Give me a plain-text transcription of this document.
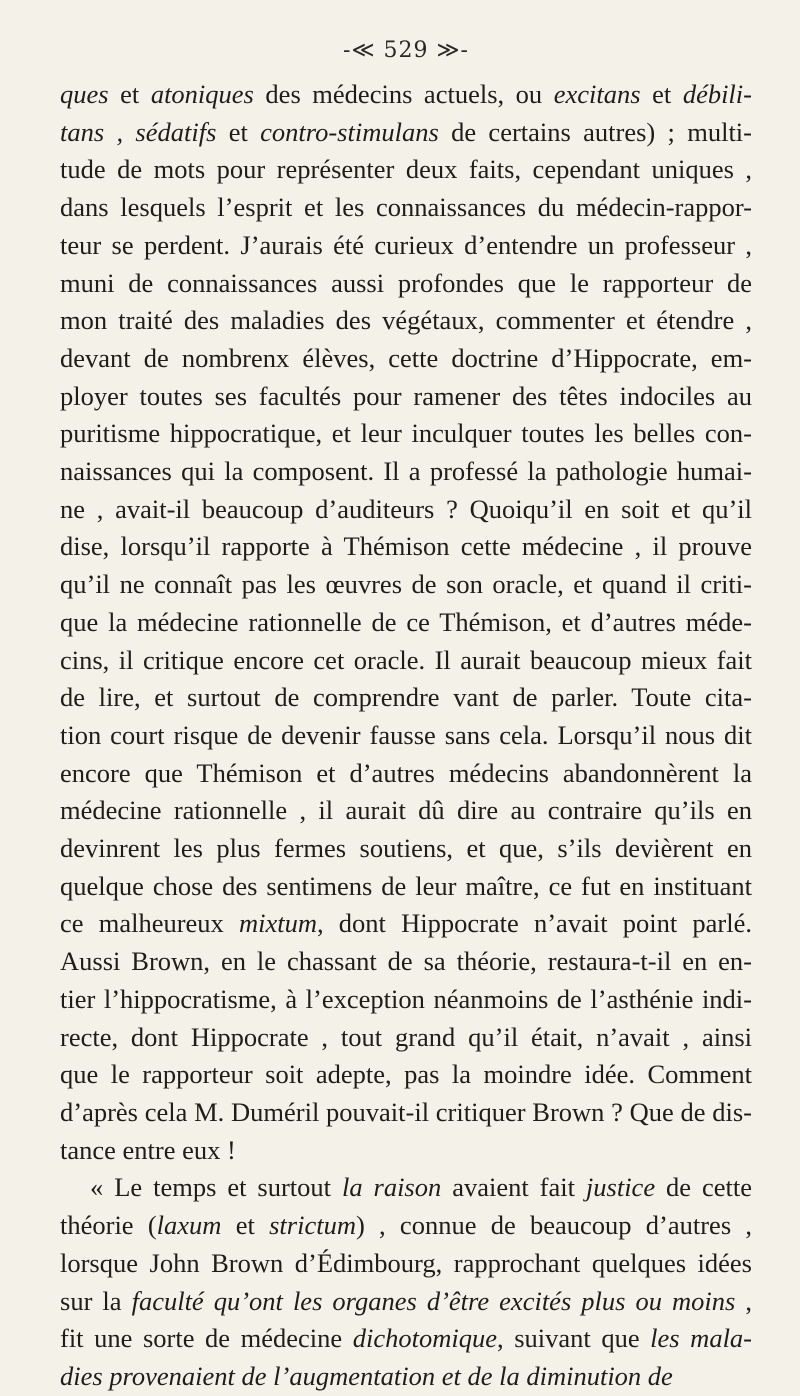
-≪ 529 ≫-
ques et atoniques des médecins actuels, ou excitans et débili-
tans , sédatifs et contro-stimulans de certains autres) ; multi-
tude de mots pour représenter deux faits, cependant uniques ,
dans lesquels l’esprit et les connaissances du médecin-rappor-
teur se perdent. J’aurais été curieux d’entendre un professeur ,
muni de connaissances aussi profondes que le rapporteur de
mon traité des maladies des végétaux, commenter et étendre ,
devant de nombrenx élèves, cette doctrine d’Hippocrate, em-
ployer toutes ses facultés pour ramener des têtes indociles au
puritisme hippocratique, et leur inculquer toutes les belles con-
naissances qui la composent. Il a professé la pathologie humai-
ne , avait-il beaucoup d’auditeurs ? Quoiqu’il en soit et qu’il
dise, lorsqu’il rapporte à Thémison cette médecine , il prouve
qu’il ne connaît pas les œuvres de son oracle, et quand il criti-
que la médecine rationnelle de ce Thémison, et d’autres méde-
cins, il critique encore cet oracle. Il aurait beaucoup mieux fait
de lire, et surtout de comprendre vant de parler. Toute cita-
tion court risque de devenir fausse sans cela. Lorsqu’il nous dit
encore que Thémison et d’autres médecins abandonnèrent la
médecine rationnelle , il aurait dû dire au contraire qu’ils en
devinrent les plus fermes soutiens, et que, s’ils devièrent en
quelque chose des sentimens de leur maître, ce fut en instituant
ce malheureux mixtum, dont Hippocrate n’avait point parlé.
Aussi Brown, en le chassant de sa théorie, restaura-t-il en en-
tier l’hippocratisme, à l’exception néanmoins de l’asthénie indi-
recte, dont Hippocrate , tout grand qu’il était, n’avait , ainsi
que le rapporteur soit adepte, pas la moindre idée. Comment
d’après cela M. Duméril pouvait-il critiquer Brown ? Que de dis-
tance entre eux !
« Le temps et surtout la raison avaient fait justice de cette
théorie (laxum et strictum) , connue de beaucoup d’autres ,
lorsque John Brown d’Édimbourg, rapprochant quelques idées
sur la faculté qu’ont les organes d’être excités plus ou moins ,
fit une sorte de médecine dichotomique, suivant que les mala-
dies provenaient de l’augmentation et de la diminution de
